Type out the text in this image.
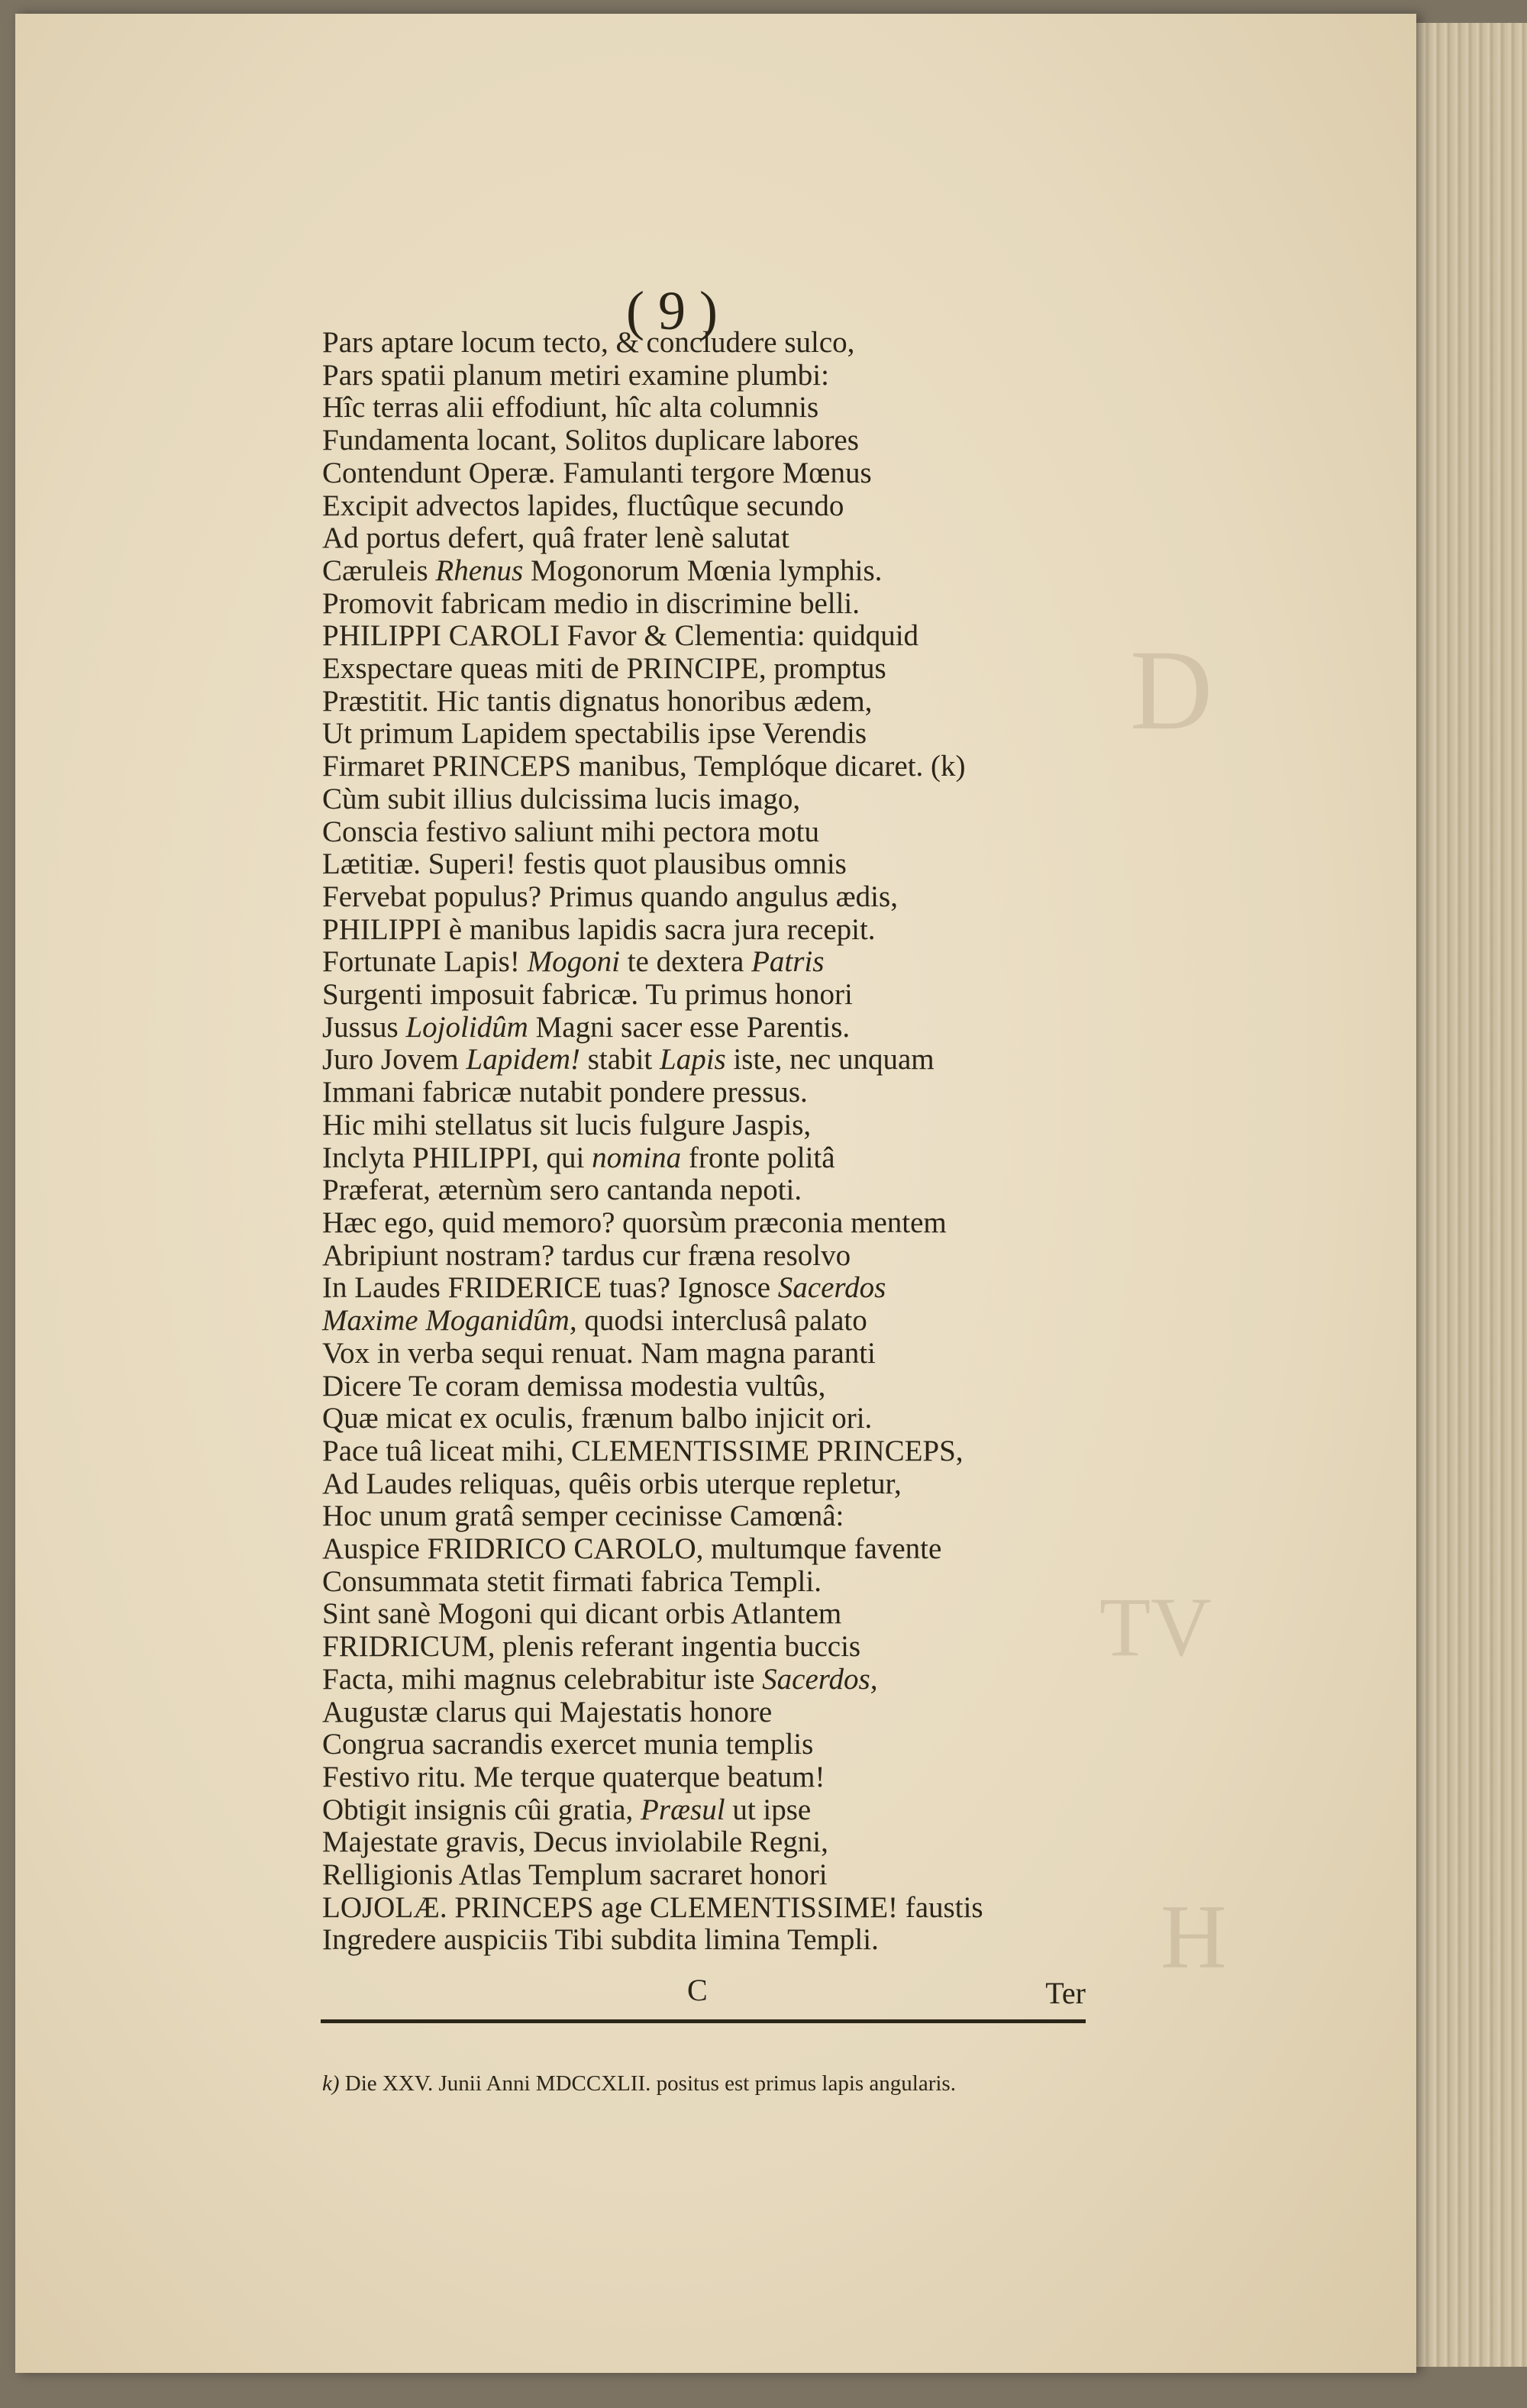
D
TV
H
( 9 )
Pars aptare locum tecto, & concludere sulco,
Pars spatii planum metiri examine plumbi:
Hîc terras alii effodiunt, hîc alta columnis
Fundamenta locant, Solitos duplicare labores
Contendunt Operæ. Famulanti tergore Mœnus
Excipit advectos lapides, fluctûque secundo
Ad portus defert, quâ frater lenè salutat
Cæruleis Rhenus Mogonorum Mœnia lymphis.
Promovit fabricam medio in discrimine belli.
PHILIPPI CAROLI Favor & Clementia: quidquid
Exspectare queas miti de PRINCIPE, promptus
Præstitit. Hic tantis dignatus honoribus ædem,
Ut primum Lapidem spectabilis ipse Verendis
Firmaret PRINCEPS manibus, Templóque dicaret. (k)
Cùm subit illius dulcissima lucis imago,
Conscia festivo saliunt mihi pectora motu
Lætitiæ. Superi! festis quot plausibus omnis
Fervebat populus? Primus quando angulus ædis,
PHILIPPI è manibus lapidis sacra jura recepit.
Fortunate Lapis! Mogoni te dextera Patris
Surgenti imposuit fabricæ. Tu primus honori
Jussus Lojolidûm Magni sacer esse Parentis.
Juro Jovem Lapidem! stabit Lapis iste, nec unquam
Immani fabricæ nutabit pondere pressus.
Hic mihi stellatus sit lucis fulgure Jaspis,
Inclyta PHILIPPI, qui nomina fronte politâ
Præferat, æternùm sero cantanda nepoti.
Hæc ego, quid memoro? quorsùm præconia mentem
Abripiunt nostram? tardus cur fræna resolvo
In Laudes FRIDERICE tuas? Ignosce Sacerdos
Maxime Moganidûm, quodsi interclusâ palato
Vox in verba sequi renuat. Nam magna paranti
Dicere Te coram demissa modestia vultûs,
Quæ micat ex oculis, frænum balbo injicit ori.
Pace tuâ liceat mihi, CLEMENTISSIME PRINCEPS,
Ad Laudes reliquas, quêis orbis uterque repletur,
Hoc unum gratâ semper cecinisse Camœnâ:
Auspice FRIDRICO CAROLO, multumque favente
Consummata stetit firmati fabrica Templi.
Sint sanè Mogoni qui dicant orbis Atlantem
FRIDRICUM, plenis referant ingentia buccis
Facta, mihi magnus celebrabitur iste Sacerdos,
Augustæ clarus qui Majestatis honore
Congrua sacrandis exercet munia templis
Festivo ritu. Me terque quaterque beatum!
Obtigit insignis cûi gratia, Præsul ut ipse
Majestate gravis, Decus inviolabile Regni,
Relligionis Atlas Templum sacraret honori
LOJOLÆ. PRINCEPS age CLEMENTISSIME! faustis
Ingredere auspiciis Tibi subdita limina Templi.
C	Ter
k) Die XXV. Junii Anni MDCCXLII. positus est primus lapis angularis.
